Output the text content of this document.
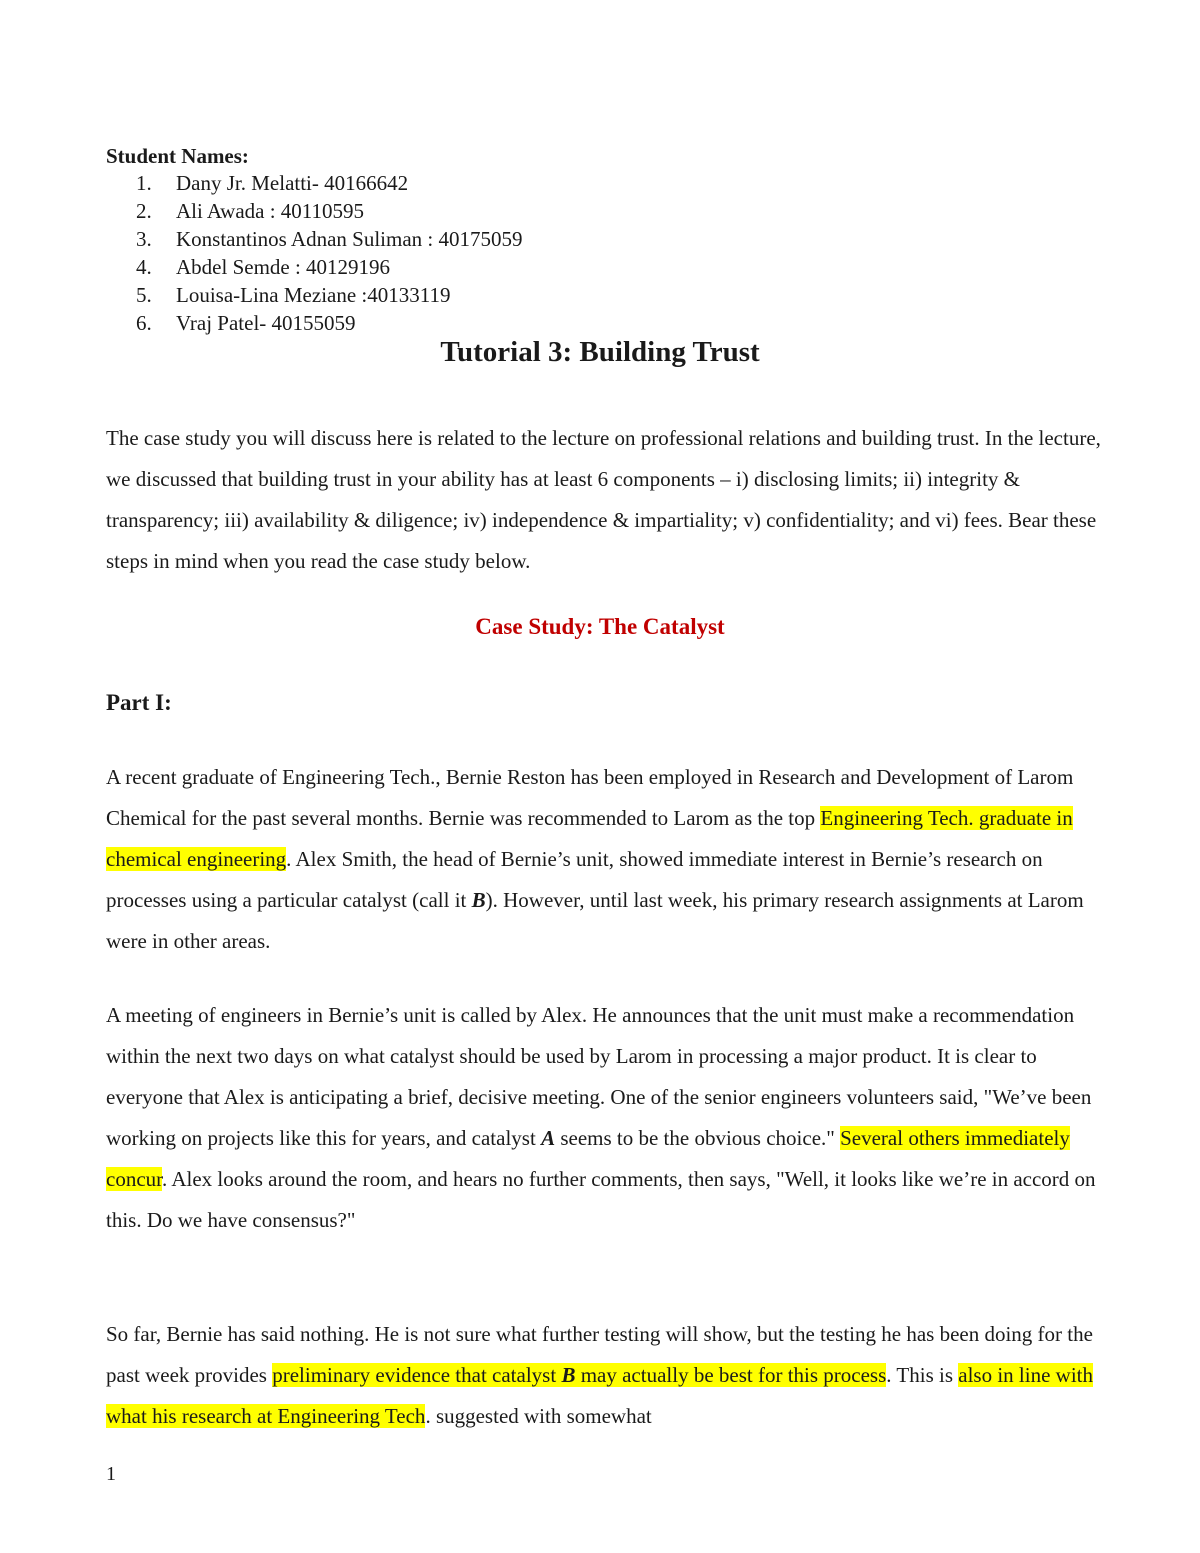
Student Names:
1. Dany Jr. Melatti- 40166642
2. Ali Awada : 40110595
3. Konstantinos Adnan Suliman : 40175059
4. Abdel Semde : 40129196
5. Louisa-Lina Meziane :40133119
6. Vraj Patel- 40155059
Tutorial 3: Building Trust

The case study you will discuss here is related to the lecture on professional relations and building trust. In the lecture, we discussed that building trust in your ability has at least 6 components – i) disclosing limits; ii) integrity & transparency; iii) availability & diligence; iv) independence & impartiality; v) confidentiality; and vi) fees. Bear these steps in mind when you read the case study below.

Case Study: The Catalyst
Part I:

A recent graduate of Engineering Tech., Bernie Reston has been employed in Research and Development of Larom Chemical for the past several months. Bernie was recommended to Larom as the top Engineering Tech. graduate in chemical engineering. Alex Smith, the head of Bernie’s unit, showed immediate interest in Bernie’s research on processes using a particular catalyst (call it B). However, until last week, his primary research assignments at Larom were in other areas.

A meeting of engineers in Bernie’s unit is called by Alex. He announces that the unit must make a recommendation within the next two days on what catalyst should be used by Larom in processing a major product. It is clear to everyone that Alex is anticipating a brief, decisive meeting. One of the senior engineers volunteers said, "We’ve been working on projects like this for years, and catalyst A seems to be the obvious choice." Several others immediately concur. Alex looks around the room, and hears no further comments, then says, "Well, it looks like we’re in accord on this. Do we have consensus?"

So far, Bernie has said nothing. He is not sure what further testing will show, but the testing he has been doing for the past week provides preliminary evidence that catalyst B may actually be best for this process. This is also in line with what his research at Engineering Tech. suggested with somewhat

1
